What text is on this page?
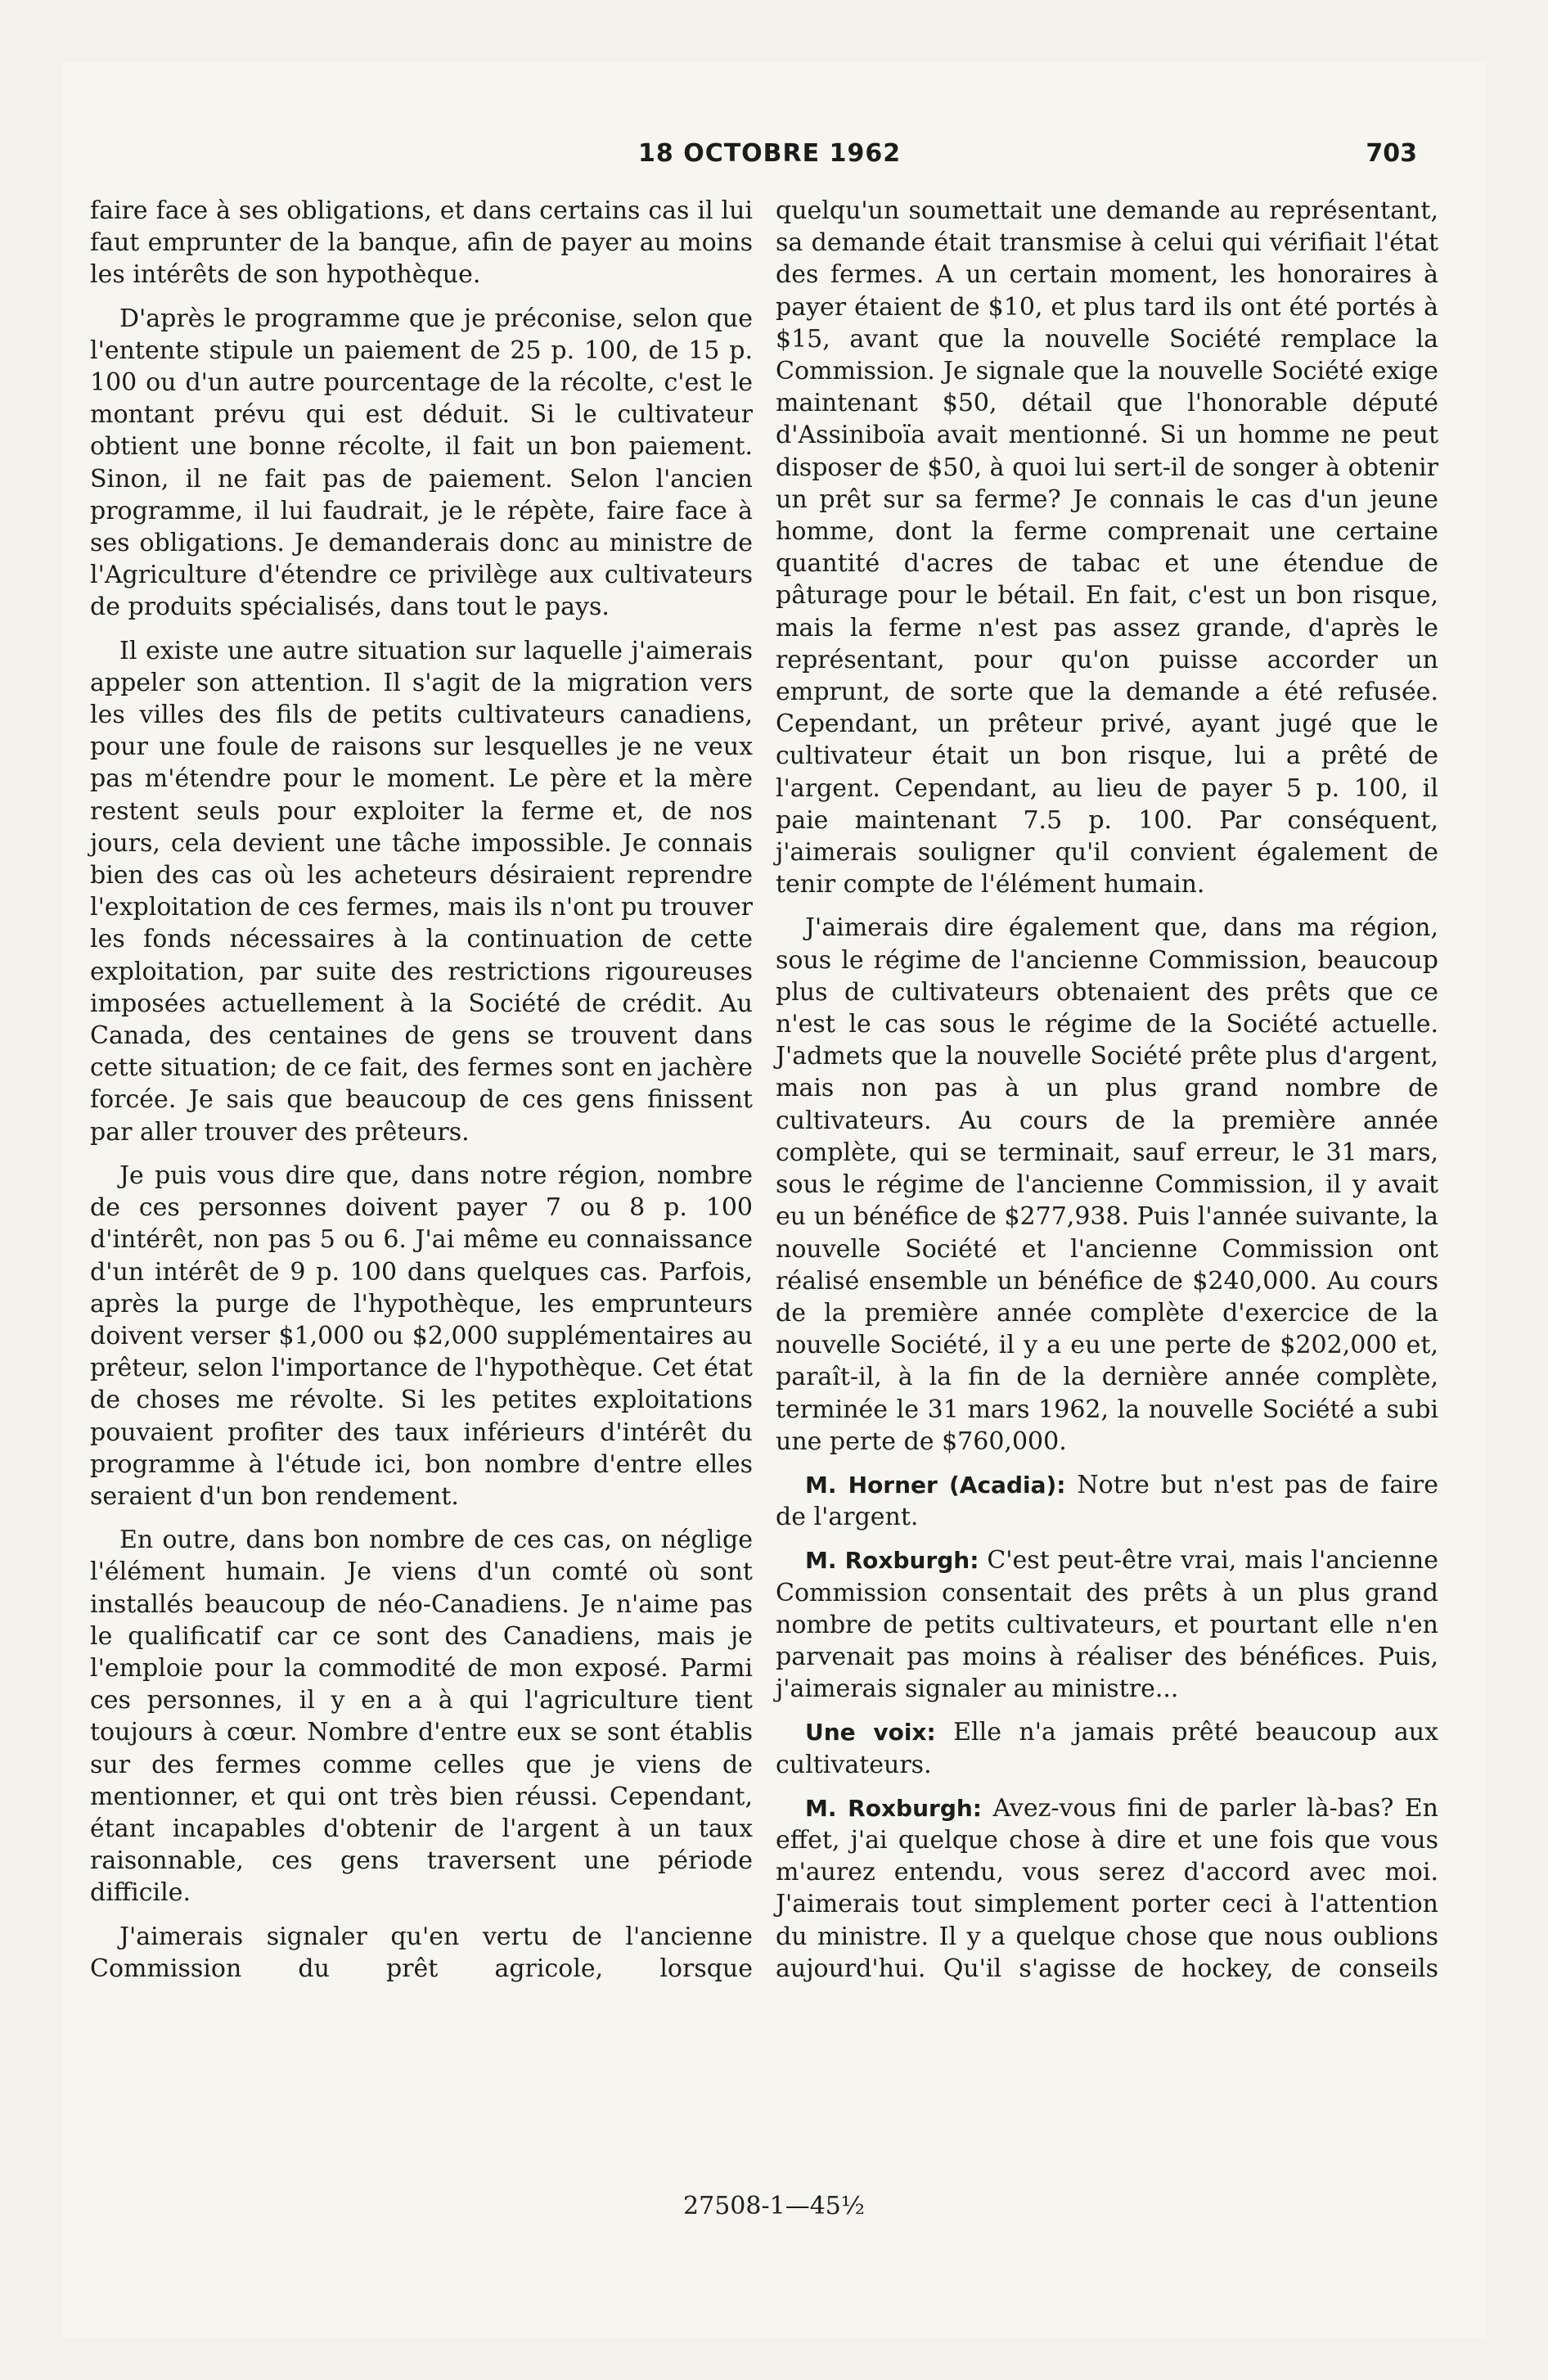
18 OCTOBRE 1962	703

faire face à ses obligations, et dans certains cas il lui faut emprunter de la banque, afin de payer au moins les intérêts de son hypothèque.

D'après le programme que je préconise, selon que l'entente stipule un paiement de 25 p. 100, de 15 p. 100 ou d'un autre pourcentage de la récolte, c'est le montant prévu qui est déduit. Si le cultivateur obtient une bonne récolte, il fait un bon paiement. Sinon, il ne fait pas de paiement. Selon l'ancien programme, il lui faudrait, je le répète, faire face à ses obligations. Je demanderais donc au ministre de l'Agriculture d'étendre ce privilège aux cultivateurs de produits spécialisés, dans tout le pays.

Il existe une autre situation sur laquelle j'aimerais appeler son attention. Il s'agit de la migration vers les villes des fils de petits cultivateurs canadiens, pour une foule de raisons sur lesquelles je ne veux pas m'étendre pour le moment. Le père et la mère restent seuls pour exploiter la ferme et, de nos jours, cela devient une tâche impossible. Je connais bien des cas où les acheteurs désiraient reprendre l'exploitation de ces fermes, mais ils n'ont pu trouver les fonds nécessaires à la continuation de cette exploitation, par suite des restrictions rigoureuses imposées actuellement à la Société de crédit. Au Canada, des centaines de gens se trouvent dans cette situation; de ce fait, des fermes sont en jachère forcée. Je sais que beaucoup de ces gens finissent par aller trouver des prêteurs.

Je puis vous dire que, dans notre région, nombre de ces personnes doivent payer 7 ou 8 p. 100 d'intérêt, non pas 5 ou 6. J'ai même eu connaissance d'un intérêt de 9 p. 100 dans quelques cas. Parfois, après la purge de l'hypothèque, les emprunteurs doivent verser $1,000 ou $2,000 supplémentaires au prêteur, selon l'importance de l'hypothèque. Cet état de choses me révolte. Si les petites exploitations pouvaient profiter des taux inférieurs d'intérêt du programme à l'étude ici, bon nombre d'entre elles seraient d'un bon rendement.

En outre, dans bon nombre de ces cas, on néglige l'élément humain. Je viens d'un comté où sont installés beaucoup de néo-Canadiens. Je n'aime pas le qualificatif car ce sont des Canadiens, mais je l'emploie pour la commodité de mon exposé. Parmi ces personnes, il y en a à qui l'agriculture tient toujours à cœur. Nombre d'entre eux se sont établis sur des fermes comme celles que je viens de mentionner, et qui ont très bien réussi. Cependant, étant incapables d'obtenir de l'argent à un taux raisonnable, ces gens traversent une période difficile.

J'aimerais signaler qu'en vertu de l'ancienne Commission du prêt agricole, lorsque

quelqu'un soumettait une demande au représentant, sa demande était transmise à celui qui vérifiait l'état des fermes. A un certain moment, les honoraires à payer étaient de $10, et plus tard ils ont été portés à $15, avant que la nouvelle Société remplace la Commission. Je signale que la nouvelle Société exige maintenant $50, détail que l'honorable député d'Assiniboïa avait mentionné. Si un homme ne peut disposer de $50, à quoi lui sert-il de songer à obtenir un prêt sur sa ferme? Je connais le cas d'un jeune homme, dont la ferme comprenait une certaine quantité d'acres de tabac et une étendue de pâturage pour le bétail. En fait, c'est un bon risque, mais la ferme n'est pas assez grande, d'après le représentant, pour qu'on puisse accorder un emprunt, de sorte que la demande a été refusée. Cependant, un prêteur privé, ayant jugé que le cultivateur était un bon risque, lui a prêté de l'argent. Cependant, au lieu de payer 5 p. 100, il paie maintenant 7.5 p. 100. Par conséquent, j'aimerais souligner qu'il convient également de tenir compte de l'élément humain.

J'aimerais dire également que, dans ma région, sous le régime de l'ancienne Commission, beaucoup plus de cultivateurs obtenaient des prêts que ce n'est le cas sous le régime de la Société actuelle. J'admets que la nouvelle Société prête plus d'argent, mais non pas à un plus grand nombre de cultivateurs. Au cours de la première année complète, qui se terminait, sauf erreur, le 31 mars, sous le régime de l'ancienne Commission, il y avait eu un bénéfice de $277,938. Puis l'année suivante, la nouvelle Société et l'ancienne Commission ont réalisé ensemble un bénéfice de $240,000. Au cours de la première année complète d'exercice de la nouvelle Société, il y a eu une perte de $202,000 et, paraît-il, à la fin de la dernière année complète, terminée le 31 mars 1962, la nouvelle Société a subi une perte de $760,000.

M. Horner (Acadia): Notre but n'est pas de faire de l'argent.

M. Roxburgh: C'est peut-être vrai, mais l'ancienne Commission consentait des prêts à un plus grand nombre de petits cultivateurs, et pourtant elle n'en parvenait pas moins à réaliser des bénéfices. Puis, j'aimerais signaler au ministre...

Une voix: Elle n'a jamais prêté beaucoup aux cultivateurs.

M. Roxburgh: Avez-vous fini de parler là-bas? En effet, j'ai quelque chose à dire et une fois que vous m'aurez entendu, vous serez d'accord avec moi. J'aimerais tout simplement porter ceci à l'attention du ministre. Il y a quelque chose que nous oublions aujourd'hui. Qu'il s'agisse de hockey, de conseils

27508-1—45½
